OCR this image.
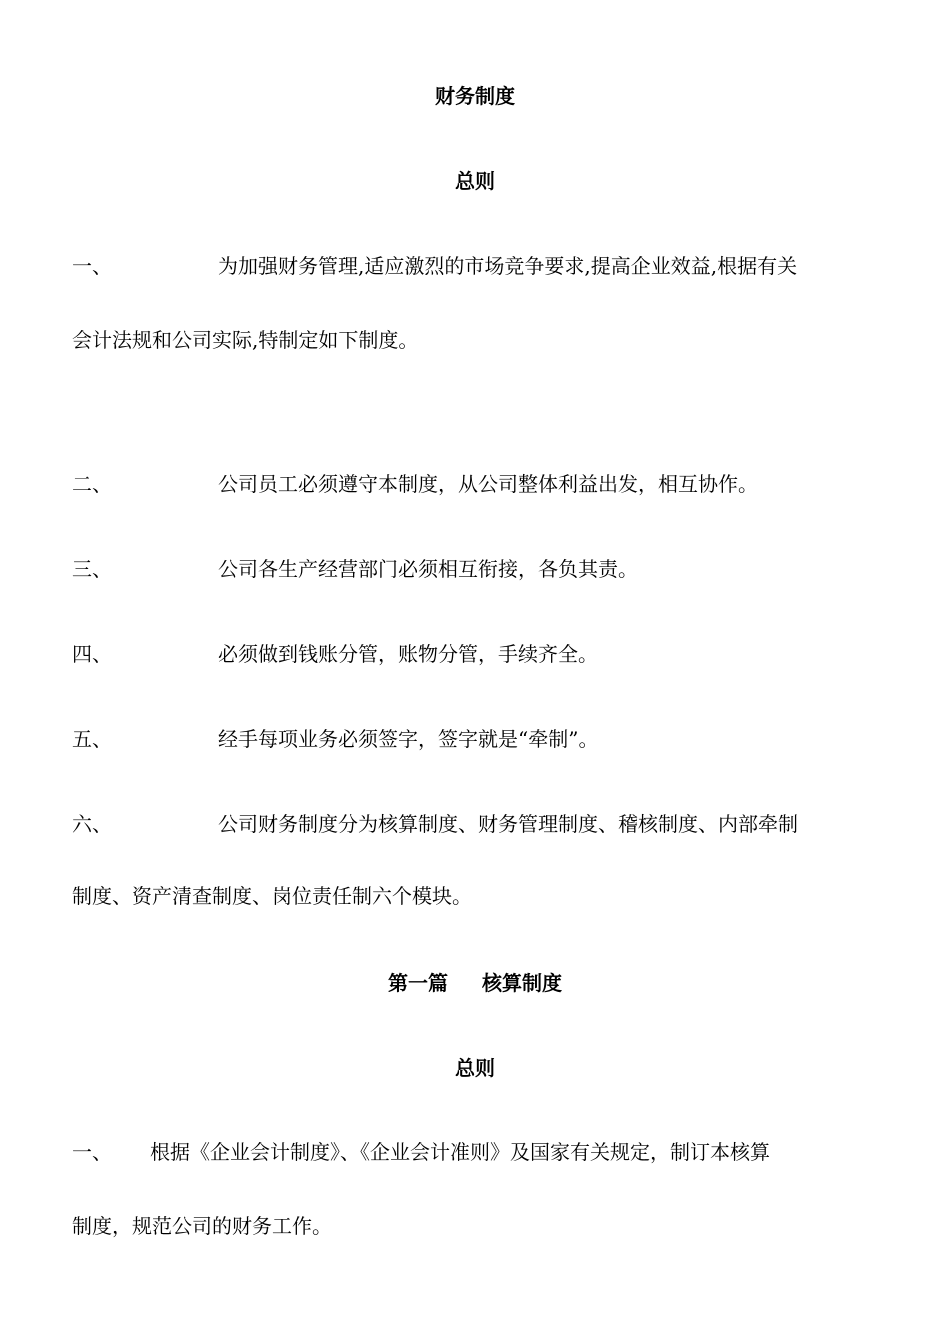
财务制度
总则
一、	为加强财务管理,适应激烈的市场竞争要求,提高企业效益,根据有关
会计法规和公司实际,特制定如下制度。
二、	公司员工必须遵守本制度，从公司整体利益出发，相互协作。
三、	公司各生产经营部门必须相互衔接，各负其责。
四、	必须做到钱账分管，账物分管，手续齐全。
五、	经手每项业务必须签字，签字就是“牵制”。
六、	公司财务制度分为核算制度、财务管理制度、稽核制度、内部牵制
制度、资产清查制度、岗位责任制六个模块。
第一篇 核算制度
总则
一、 根据《企业会计制度》、《企业会计准则》及国家有关规定，制订本核算
制度，规范公司的财务工作。
